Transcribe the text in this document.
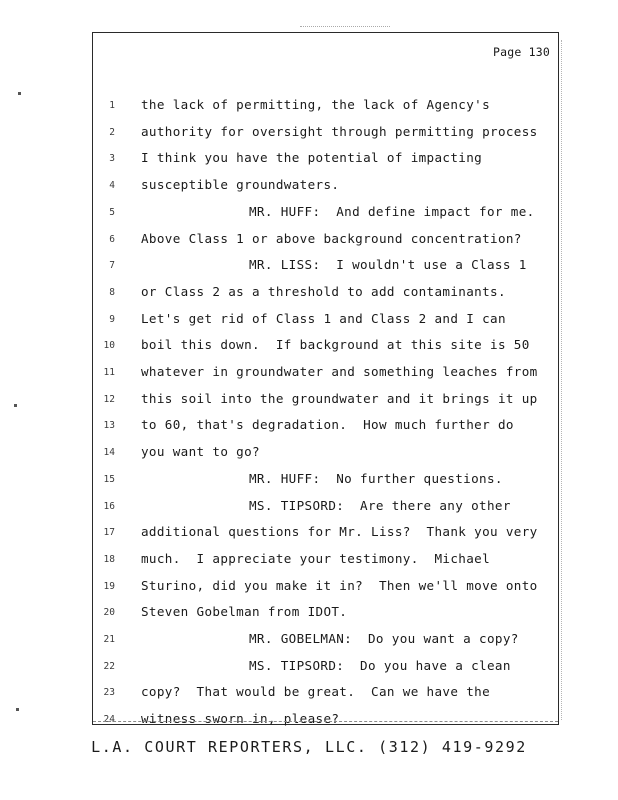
Page 130
1 the lack of permitting, the lack of Agency's
2 authority for oversight through permitting process
3 I think you have the potential of impacting
4 susceptible groundwaters.
5	MR. HUFF:  And define impact for me.
6 Above Class 1 or above background concentration?
7	MR. LISS:  I wouldn't use a Class 1
8 or Class 2 as a threshold to add contaminants.
9 Let's get rid of Class 1 and Class 2 and I can
10 boil this down.  If background at this site is 50
11 whatever in groundwater and something leaches from
12 this soil into the groundwater and it brings it up
13 to 60, that's degradation.  How much further do
14 you want to go?
15	MR. HUFF:  No further questions.
16	MS. TIPSORD:  Are there any other
17 additional questions for Mr. Liss?  Thank you very
18 much.  I appreciate your testimony.  Michael
19 Sturino, did you make it in?  Then we'll move onto
20 Steven Gobelman from IDOT.
21	MR. GOBELMAN:  Do you want a copy?
22	MS. TIPSORD:  Do you have a clean
23 copy?  That would be great.  Can we have the
24 witness sworn in, please?
L.A. COURT REPORTERS, LLC. (312) 419-9292
